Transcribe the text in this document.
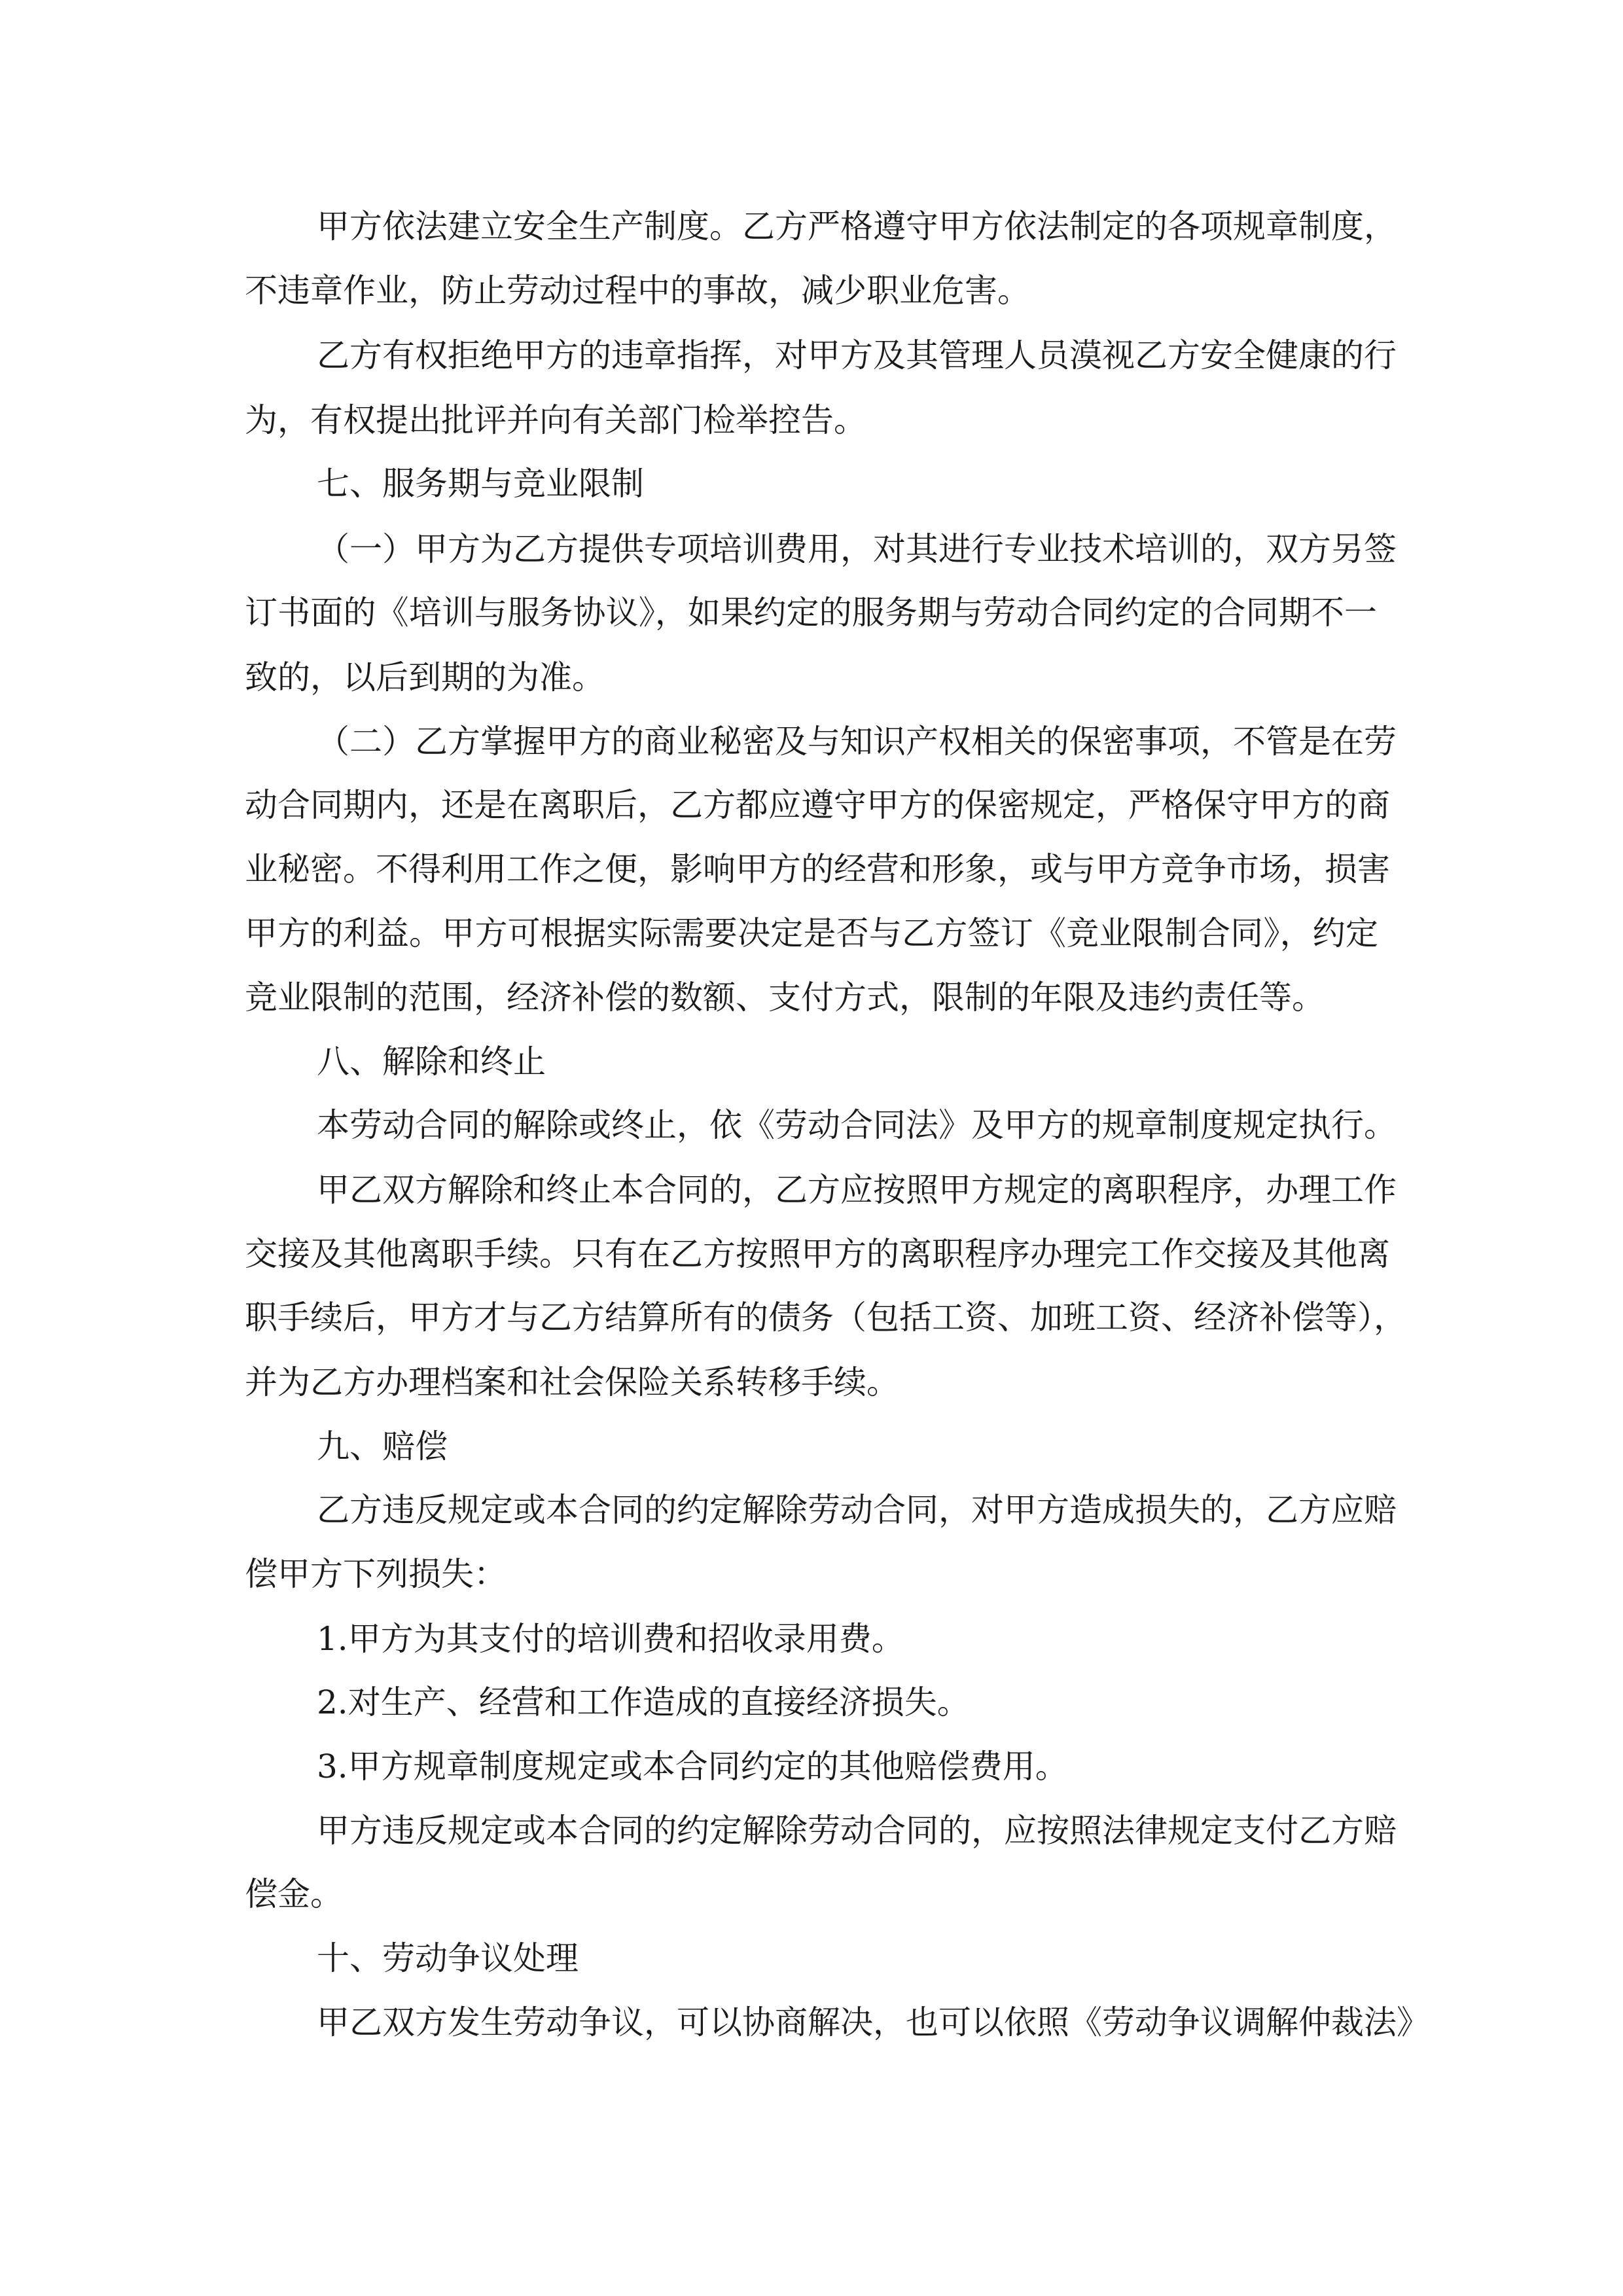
甲方依法建立安全生产制度。乙方严格遵守甲方依法制定的各项规章制度，
不违章作业，防止劳动过程中的事故，减少职业危害。
乙方有权拒绝甲方的违章指挥，对甲方及其管理人员漠视乙方安全健康的行
为，有权提出批评并向有关部门检举控告。
七、服务期与竞业限制
（一）甲方为乙方提供专项培训费用，对其进行专业技术培训的，双方另签
订书面的《培训与服务协议》，如果约定的服务期与劳动合同约定的合同期不一
致的，以后到期的为准。
（二）乙方掌握甲方的商业秘密及与知识产权相关的保密事项，不管是在劳
动合同期内，还是在离职后，乙方都应遵守甲方的保密规定，严格保守甲方的商
业秘密。不得利用工作之便，影响甲方的经营和形象，或与甲方竞争市场，损害
甲方的利益。甲方可根据实际需要决定是否与乙方签订《竞业限制合同》，约定
竞业限制的范围，经济补偿的数额、支付方式，限制的年限及违约责任等。
八、解除和终止
本劳动合同的解除或终止，依《劳动合同法》及甲方的规章制度规定执行。
甲乙双方解除和终止本合同的，乙方应按照甲方规定的离职程序，办理工作
交接及其他离职手续。只有在乙方按照甲方的离职程序办理完工作交接及其他离
职手续后，甲方才与乙方结算所有的债务（包括工资、加班工资、经济补偿等），
并为乙方办理档案和社会保险关系转移手续。
九、赔偿
乙方违反规定或本合同的约定解除劳动合同，对甲方造成损失的，乙方应赔
偿甲方下列损失：
1.甲方为其支付的培训费和招收录用费。
2.对生产、经营和工作造成的直接经济损失。
3.甲方规章制度规定或本合同约定的其他赔偿费用。
甲方违反规定或本合同的约定解除劳动合同的，应按照法律规定支付乙方赔
偿金。
十、劳动争议处理
甲乙双方发生劳动争议，可以协商解决，也可以依照《劳动争议调解仲裁法》
